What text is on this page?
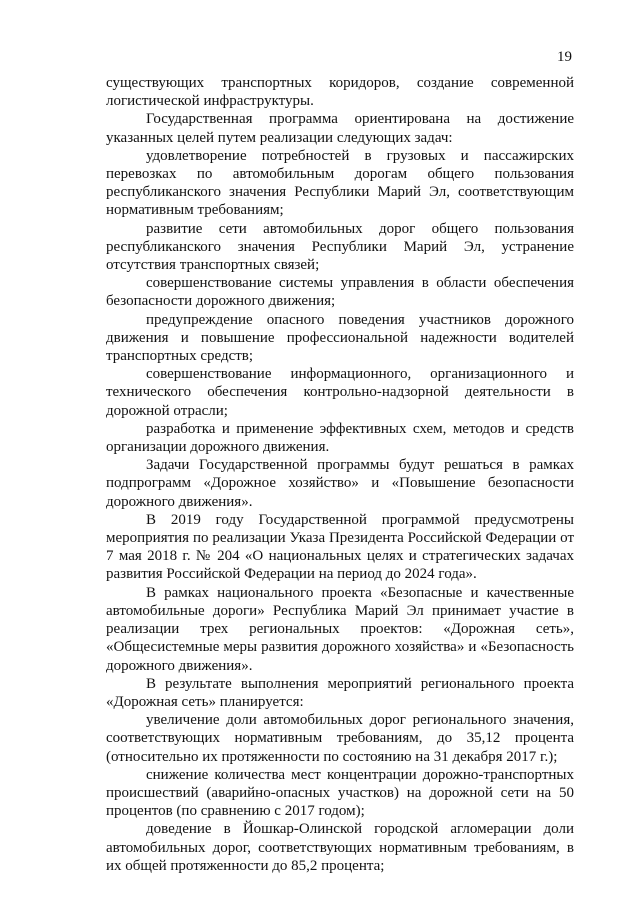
19

существующих транспортных коридоров, создание современной логистической инфраструктуры.

Государственная программа ориентирована на достижение указанных целей путем реализации следующих задач:

удовлетворение потребностей в грузовых и пассажирских перевозках по автомобильным дорогам общего пользования республиканского значения Республики Марий Эл, соответствующим нормативным требованиям;

развитие сети автомобильных дорог общего пользования республиканского значения Республики Марий Эл, устранение отсутствия транспортных связей;

совершенствование системы управления в области обеспечения безопасности дорожного движения;

предупреждение опасного поведения участников дорожного движения и повышение профессиональной надежности водителей транспортных средств;

совершенствование информационного, организационного и технического обеспечения контрольно-надзорной деятельности в дорожной отрасли;

разработка и применение эффективных схем, методов и средств организации дорожного движения.

Задачи Государственной программы будут решаться в рамках подпрограмм «Дорожное хозяйство» и «Повышение безопасности дорожного движения».

В 2019 году Государственной программой предусмотрены мероприятия по реализации Указа Президента Российской Федерации от 7 мая 2018 г. № 204 «О национальных целях и стратегических задачах развития Российской Федерации на период до 2024 года».

В рамках национального проекта «Безопасные и качественные автомобильные дороги» Республика Марий Эл принимает участие в реализации трех региональных проектов: «Дорожная сеть», «Общесистемные меры развития дорожного хозяйства» и «Безопасность дорожного движения».

В результате выполнения мероприятий регионального проекта «Дорожная сеть» планируется:

увеличение доли автомобильных дорог регионального значения, соответствующих нормативным требованиям, до 35,12 процента (относительно их протяженности по состоянию на 31 декабря 2017 г.);

снижение количества мест концентрации дорожно-транспортных происшествий (аварийно-опасных участков) на дорожной сети на 50 процентов (по сравнению с 2017 годом);

доведение в Йошкар-Олинской городской агломерации доли автомобильных дорог, соответствующих нормативным требованиям, в их общей протяженности до 85,2 процента;
